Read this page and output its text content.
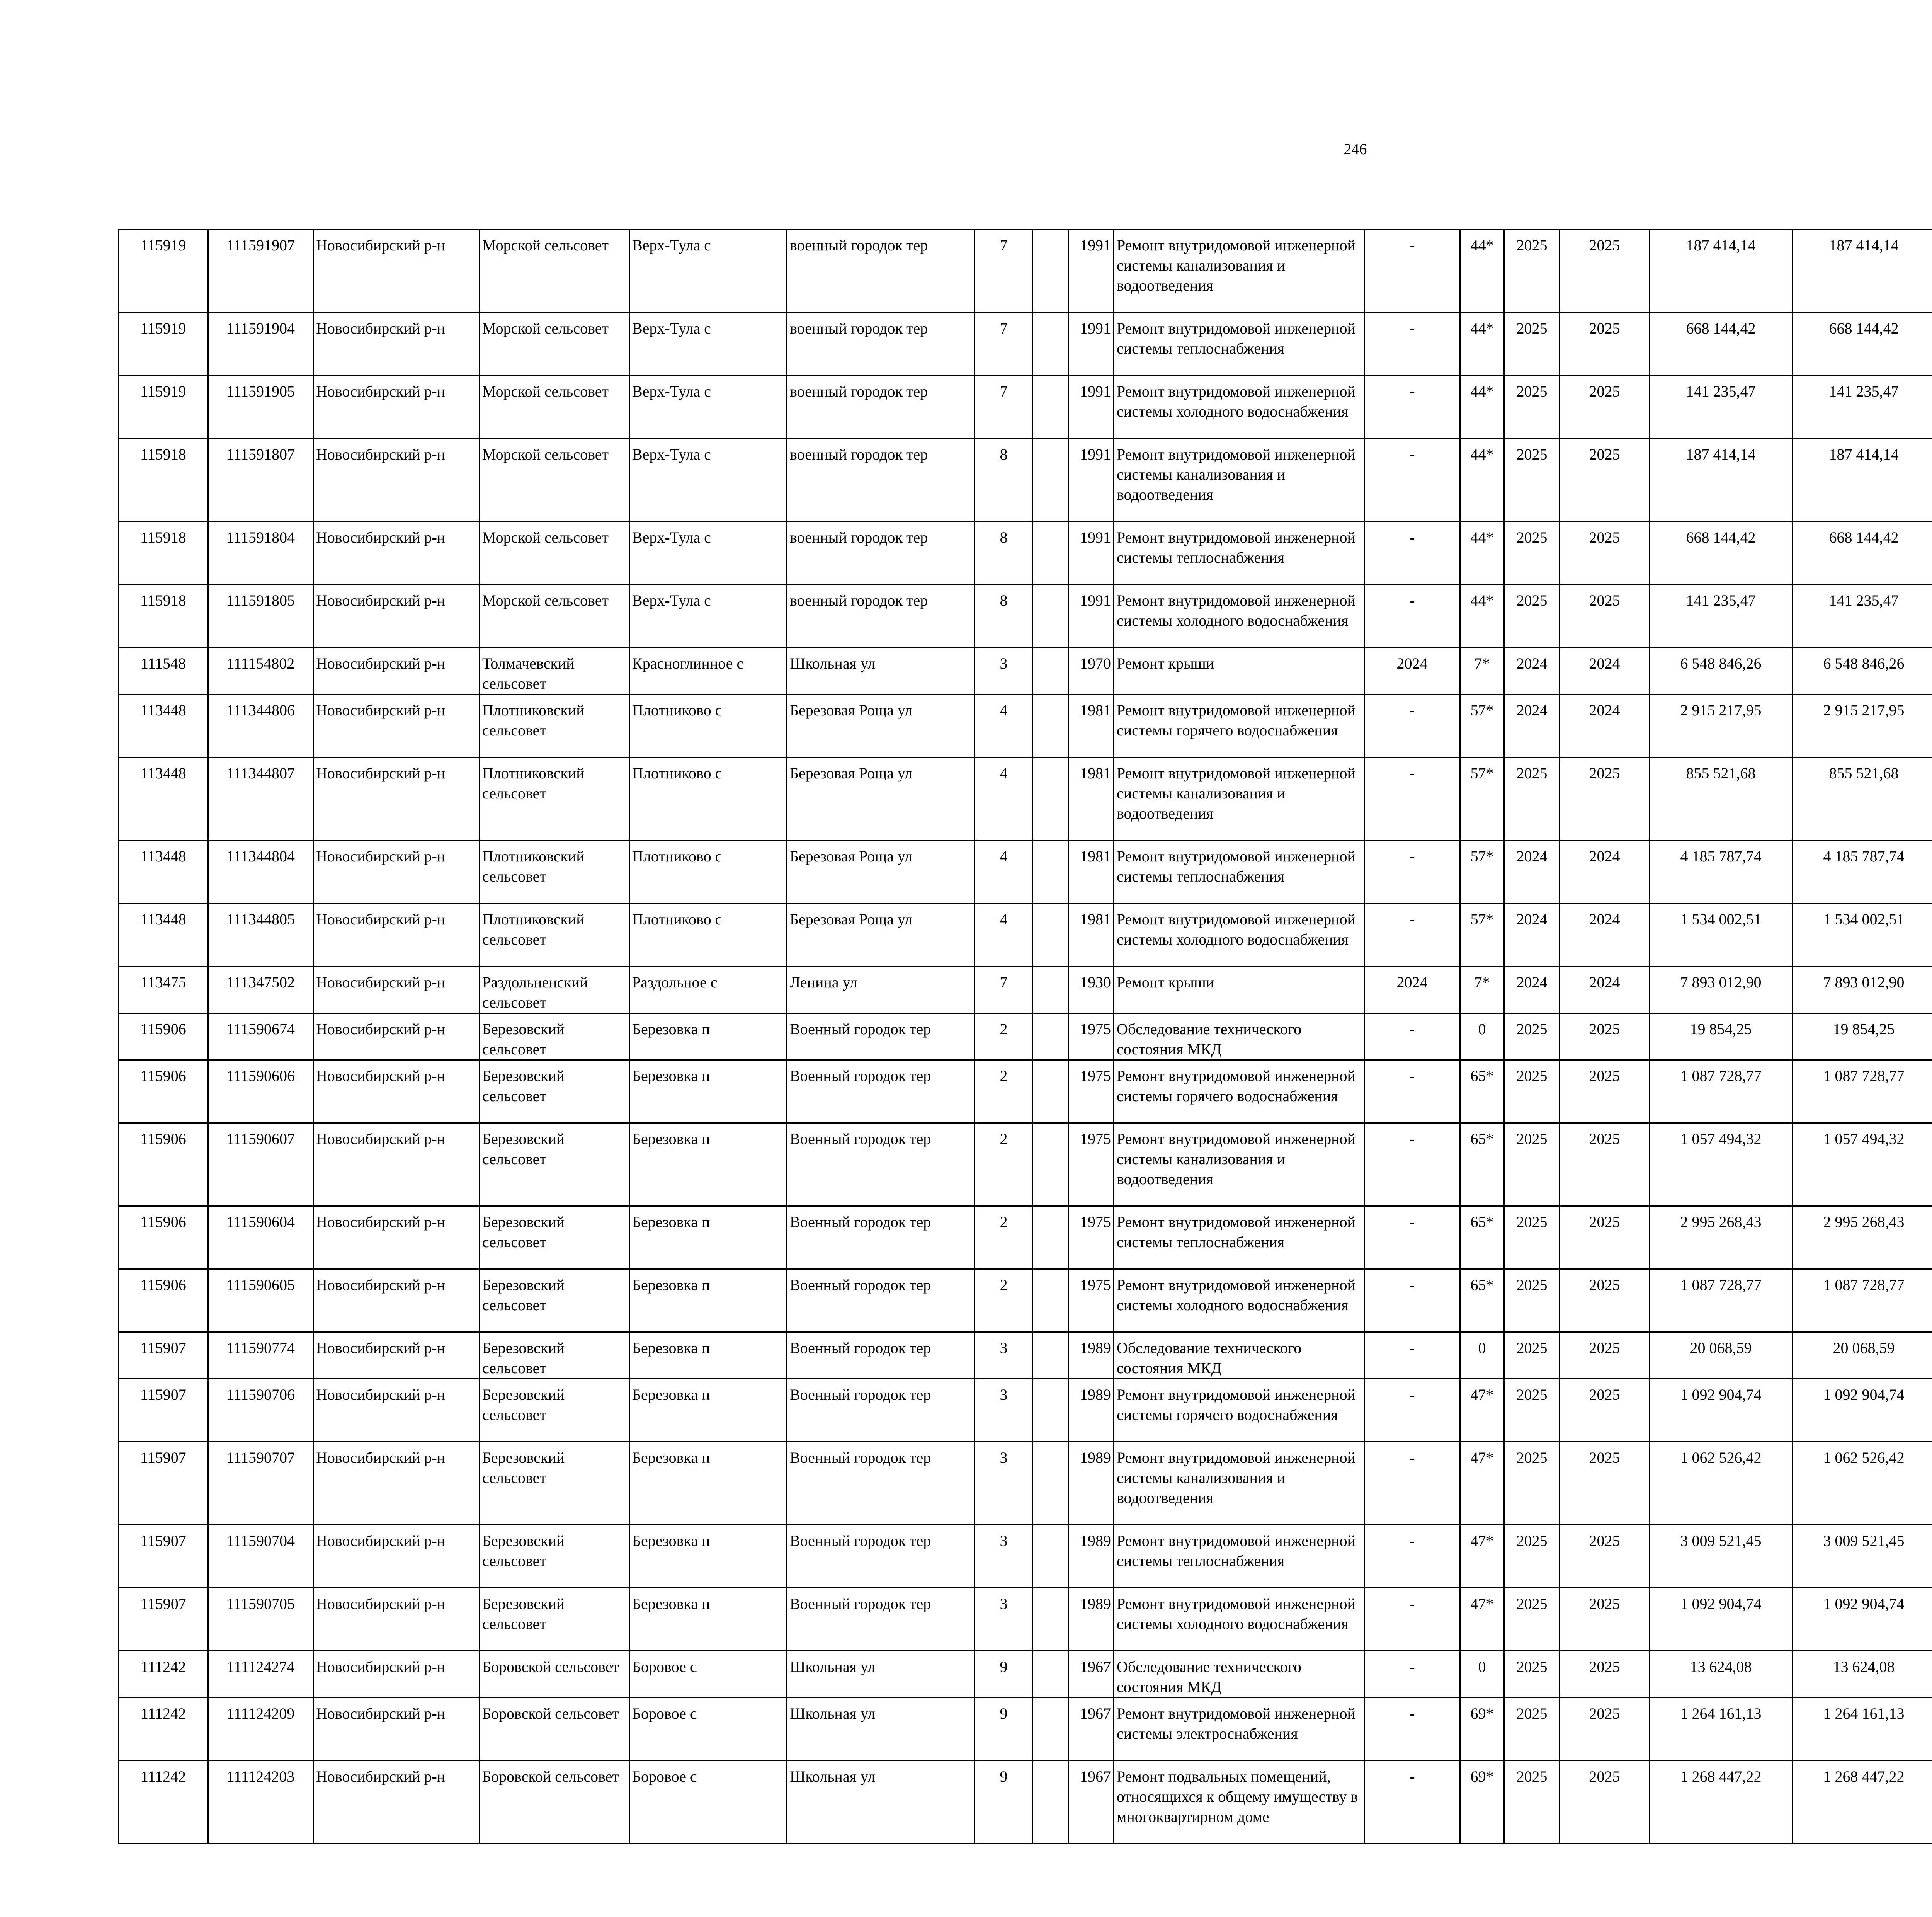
246
115919	111591907	Новосибирский р-н	Морской сельсовет	Верх-Тула с	военный городок тер	7		1991	Ремонт внутридомовой инженерной системы канализования и водоотведения	-	44*	2025	2025	187 414,14	187 414,14						
115919	111591904	Новосибирский р-н	Морской сельсовет	Верх-Тула с	военный городок тер	7		1991	Ремонт внутридомовой инженерной системы теплоснабжения	-	44*	2025	2025	668 144,42	668 144,42						
115919	111591905	Новосибирский р-н	Морской сельсовет	Верх-Тула с	военный городок тер	7		1991	Ремонт внутридомовой инженерной системы холодного водоснабжения	-	44*	2025	2025	141 235,47	141 235,47						
115918	111591807	Новосибирский р-н	Морской сельсовет	Верх-Тула с	военный городок тер	8		1991	Ремонт внутридомовой инженерной системы канализования и водоотведения	-	44*	2025	2025	187 414,14	187 414,14						
115918	111591804	Новосибирский р-н	Морской сельсовет	Верх-Тула с	военный городок тер	8		1991	Ремонт внутридомовой инженерной системы теплоснабжения	-	44*	2025	2025	668 144,42	668 144,42						
115918	111591805	Новосибирский р-н	Морской сельсовет	Верх-Тула с	военный городок тер	8		1991	Ремонт внутридомовой инженерной системы холодного водоснабжения	-	44*	2025	2025	141 235,47	141 235,47						
111548	111154802	Новосибирский р-н	Толмачевский сельсовет	Красноглинное с	Школьная ул	3		1970	Ремонт крыши	2024	7*	2024	2024	6 548 846,26	6 548 846,26						
113448	111344806	Новосибирский р-н	Плотниковский сельсовет	Плотниково с	Березовая Роща ул	4		1981	Ремонт внутридомовой инженерной системы горячего водоснабжения	-	57*	2024	2024	2 915 217,95	2 915 217,95						
113448	111344807	Новосибирский р-н	Плотниковский сельсовет	Плотниково с	Березовая Роща ул	4		1981	Ремонт внутридомовой инженерной системы канализования и водоотведения	-	57*	2025	2025	855 521,68	855 521,68						
113448	111344804	Новосибирский р-н	Плотниковский сельсовет	Плотниково с	Березовая Роща ул	4		1981	Ремонт внутридомовой инженерной системы теплоснабжения	-	57*	2024	2024	4 185 787,74	4 185 787,74						
113448	111344805	Новосибирский р-н	Плотниковский сельсовет	Плотниково с	Березовая Роща ул	4		1981	Ремонт внутридомовой инженерной системы холодного водоснабжения	-	57*	2024	2024	1 534 002,51	1 534 002,51						
113475	111347502	Новосибирский р-н	Раздольненский сельсовет	Раздольное с	Ленина ул	7		1930	Ремонт крыши	2024	7*	2024	2024	7 893 012,90	7 893 012,90						
115906	111590674	Новосибирский р-н	Березовский сельсовет	Березовка п	Военный городок тер	2		1975	Обследование технического состояния МКД	-	0	2025	2025	19 854,25	19 854,25						
115906	111590606	Новосибирский р-н	Березовский сельсовет	Березовка п	Военный городок тер	2		1975	Ремонт внутридомовой инженерной системы горячего водоснабжения	-	65*	2025	2025	1 087 728,77	1 087 728,77						
115906	111590607	Новосибирский р-н	Березовский сельсовет	Березовка п	Военный городок тер	2		1975	Ремонт внутридомовой инженерной системы канализования и водоотведения	-	65*	2025	2025	1 057 494,32	1 057 494,32						
115906	111590604	Новосибирский р-н	Березовский сельсовет	Березовка п	Военный городок тер	2		1975	Ремонт внутридомовой инженерной системы теплоснабжения	-	65*	2025	2025	2 995 268,43	2 995 268,43						
115906	111590605	Новосибирский р-н	Березовский сельсовет	Березовка п	Военный городок тер	2		1975	Ремонт внутридомовой инженерной системы холодного водоснабжения	-	65*	2025	2025	1 087 728,77	1 087 728,77						
115907	111590774	Новосибирский р-н	Березовский сельсовет	Березовка п	Военный городок тер	3		1989	Обследование технического состояния МКД	-	0	2025	2025	20 068,59	20 068,59						
115907	111590706	Новосибирский р-н	Березовский сельсовет	Березовка п	Военный городок тер	3		1989	Ремонт внутридомовой инженерной системы горячего водоснабжения	-	47*	2025	2025	1 092 904,74	1 092 904,74						
115907	111590707	Новосибирский р-н	Березовский сельсовет	Березовка п	Военный городок тер	3		1989	Ремонт внутридомовой инженерной системы канализования и водоотведения	-	47*	2025	2025	1 062 526,42	1 062 526,42						
115907	111590704	Новосибирский р-н	Березовский сельсовет	Березовка п	Военный городок тер	3		1989	Ремонт внутридомовой инженерной системы теплоснабжения	-	47*	2025	2025	3 009 521,45	3 009 521,45						
115907	111590705	Новосибирский р-н	Березовский сельсовет	Березовка п	Военный городок тер	3		1989	Ремонт внутридомовой инженерной системы холодного водоснабжения	-	47*	2025	2025	1 092 904,74	1 092 904,74						
111242	111124274	Новосибирский р-н	Боровской сельсовет	Боровое с	Школьная ул	9		1967	Обследование технического состояния МКД	-	0	2025	2025	13 624,08	13 624,08						
111242	111124209	Новосибирский р-н	Боровской сельсовет	Боровое с	Школьная ул	9		1967	Ремонт внутридомовой инженерной системы электроснабжения	-	69*	2025	2025	1 264 161,13	1 264 161,13						
111242	111124203	Новосибирский р-н	Боровской сельсовет	Боровое с	Школьная ул	9		1967	Ремонт подвальных помещений, относящихся к общему имуществу в многоквартирном доме	-	69*	2025	2025	1 268 447,22	1 268 447,22						
